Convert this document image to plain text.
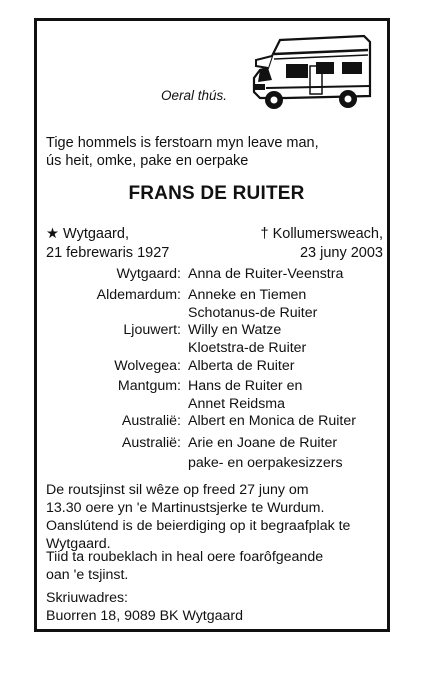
Oeral thús.
Tige hommels is ferstoarn myn leave man,
ús heit, omke, pake en oerpake
FRANS DE RUITER
★ Wytgaard,
21 febrewaris 1927
† Kollumersweach,
23 juny 2003
Wytgaard: Anna de Ruiter-Veenstra
Aldemardum: Anneke en Tiemen
Schotanus-de Ruiter
Ljouwert: Willy en Watze
Kloetstra-de Ruiter
Wolvegea: Alberta de Ruiter
Mantgum: Hans de Ruiter en
Annet Reidsma
Australië: Albert en Monica de Ruiter
Australië: Arie en Joane de Ruiter
pake- en oerpakesizzers
De routsjinst sil wêze op freed 27 juny om
13.30 oere yn 'e Martinustsjerke te Wurdum.
Oanslútend is de beierdiging op it begraafplak te
Wytgaard.
Tiid ta roubeklach in heal oere foarôfgeande
oan 'e tsjinst.
Skriuwadres:
Buorren 18, 9089 BK Wytgaard
